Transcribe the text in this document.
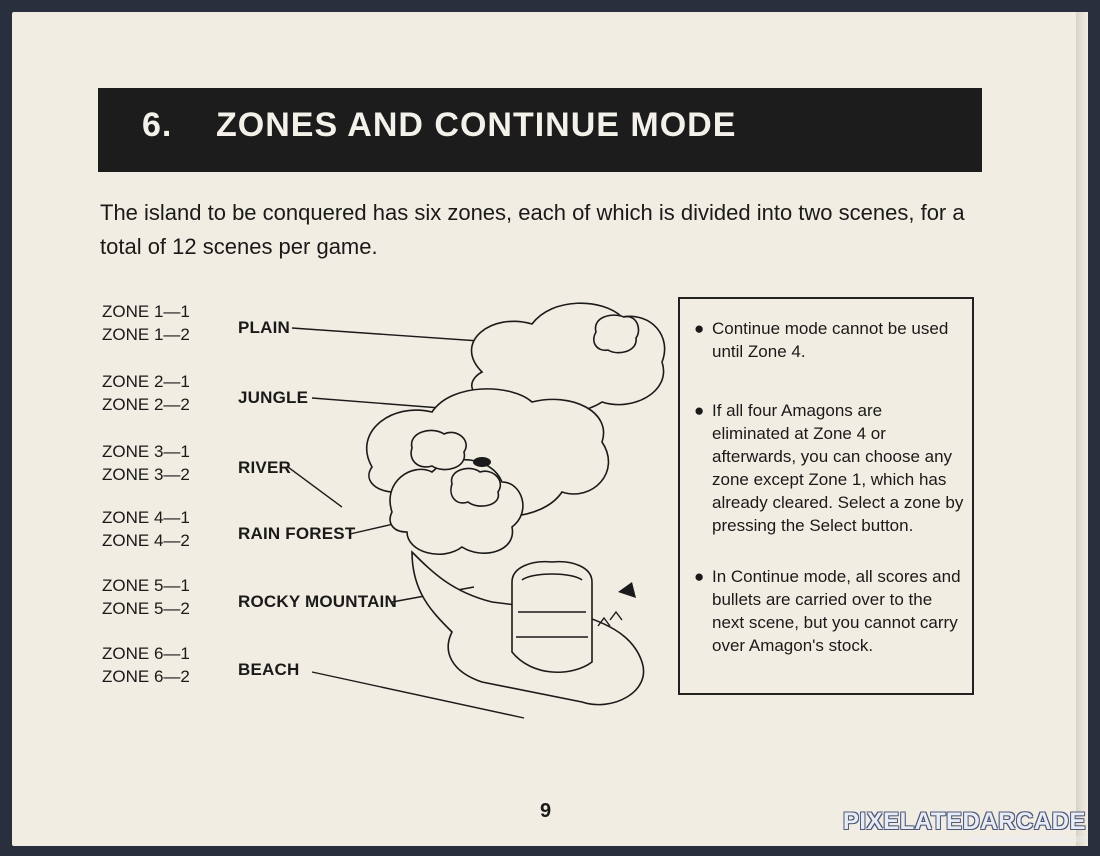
6. ZONES AND CONTINUE MODE
The island to be conquered has six zones, each of which is divided into two scenes, for a total of 12 scenes per game.
ZONE 1—1
ZONE 1—2
ZONE 2—1
ZONE 2—2
ZONE 3—1
ZONE 3—2
ZONE 4—1
ZONE 4—2
ZONE 5—1
ZONE 5—2
ZONE 6—1
ZONE 6—2
PLAIN
JUNGLE
RIVER
RAIN FOREST
ROCKY MOUNTAIN
BEACH
● Continue mode cannot be used until Zone 4.
● If all four Amagons are eliminated at Zone 4 or afterwards, you can choose any zone except Zone 1, which has already cleared. Select a zone by pressing the Select button.
● In Continue mode, all scores and bullets are carried over to the next scene, but you cannot carry over Amagon's stock.
9	PIXELATEDARCADE
www.pixelatedarcade.com
